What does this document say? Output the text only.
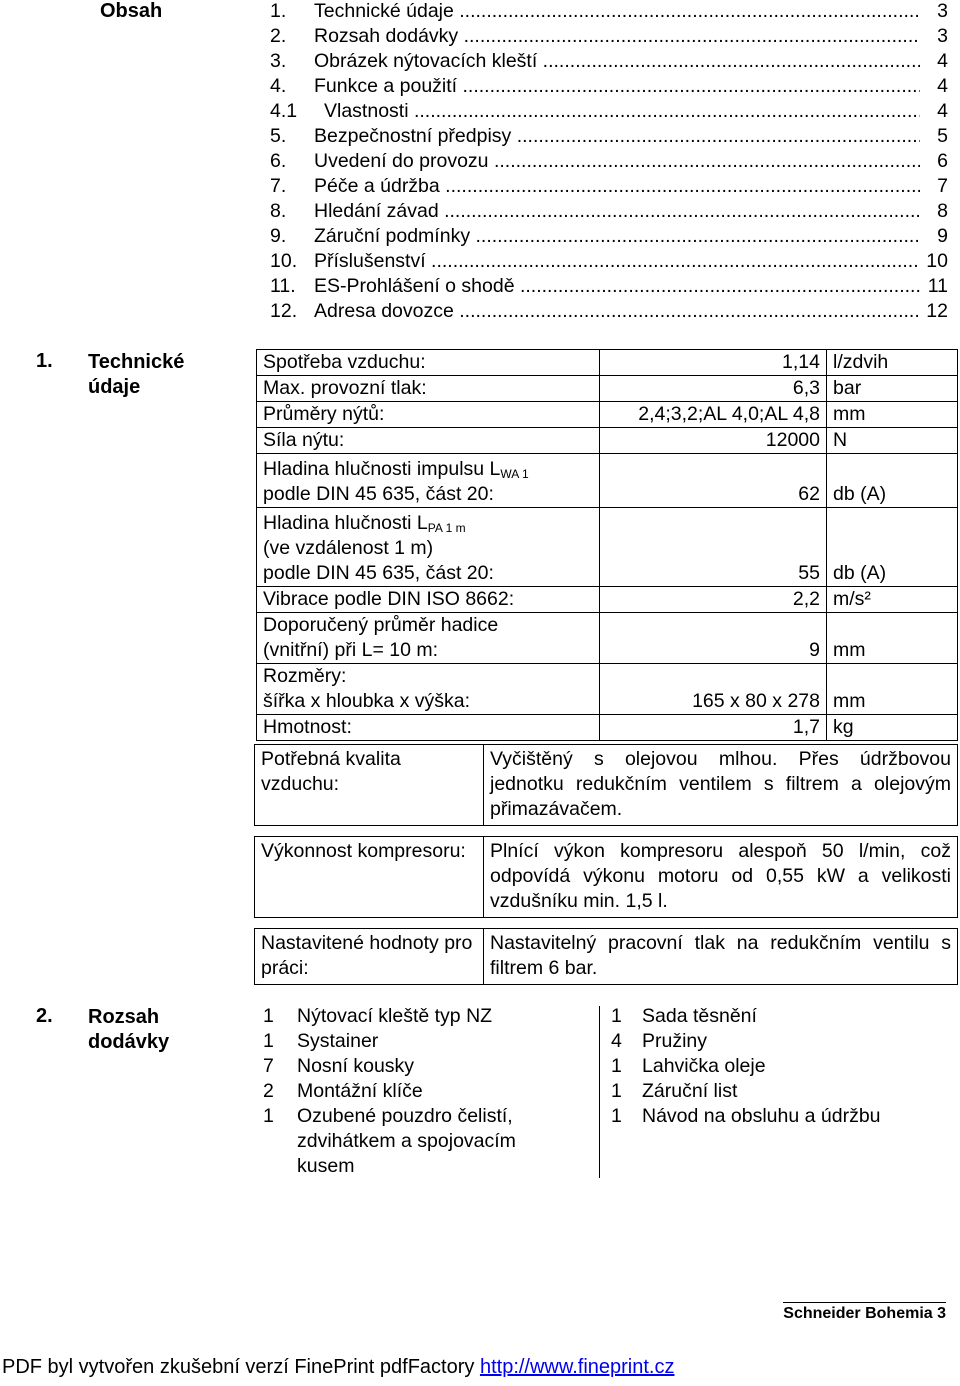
Obsah	1. Technické údaje .....	3
2. Rozsah dodávky .....	3
3. Obrázek nýtovacích kleští .....	4
4. Funkce a použití .....	4
4.1 Vlastnosti .....	4
5. Bezpečnostní předpisy .....	5
6. Uvedení do provozu .....	6
7. Péče a údržba .....	7
8. Hledání závad .....	8
9. Záruční podmínky .....	9
10. Příslušenství .....	10
11. ES-Prohlášení o shodě .....	11
12. Adresa dovozce .....	12
1. Technické
údaje
Spotřeba vzduchu:	1,14	l/zdvih
Max. provozní tlak:	6,3	bar
Průměry nýtů:	2,4;3,2;AL 4,0;AL 4,8	mm
Síla nýtu:	12000	N

Hladina hlučnosti impulsu $L_{WA 1}$
podle DIN 45 635, část 20:	62	db (A)

Hladina hlučnosti $L_{PA 1 m}$
(ve vzdálenost 1 m)
podle DIN 45 635, část 20:	55	db (A)
Vibrace podle DIN ISO 8662:	2,2	m/s²

Doporučený průměr hadice
(vnitřní) při L= 10 m:	9	mm

Rozměry:
šířka x hloubka x výška:	165 x 80 x 278	mm
Hmotnost:	1,7	kg
Potřebná kvalita vzduchu:	Vyčištěný s olejovou mlhou. Přes údržbovou jednotku redukčním ventilem s filtrem a olejovým přimazávačem.

Výkonnost kompresoru:	Plnící výkon kompresoru alespoň 50 l/min, což odpovídá výkonu motoru od 0,55 kW a velikosti vzdušníku min. 1,5 l.

Nastavitené hodnoty pro práci:	Nastavitelný pracovní tlak na redukčním ventilu s filtrem 6 bar.
2. Rozsah
dodávky
1 Nýtovací kleště typ NZ
1 Systainer
7 Nosní kousky
2 Montážní klíče
1 Ozubené pouzdro čelistí, zdvihátkem a spojovacím kusem
1 Sada těsnění
4 Pružiny
1 Lahvička oleje
1 Záruční list
1 Návod na obsluhu a údržbu
Schneider Bohemia 3
PDF byl vytvořen zkušební verzí FinePrint pdfFactory http://www.fineprint.cz
